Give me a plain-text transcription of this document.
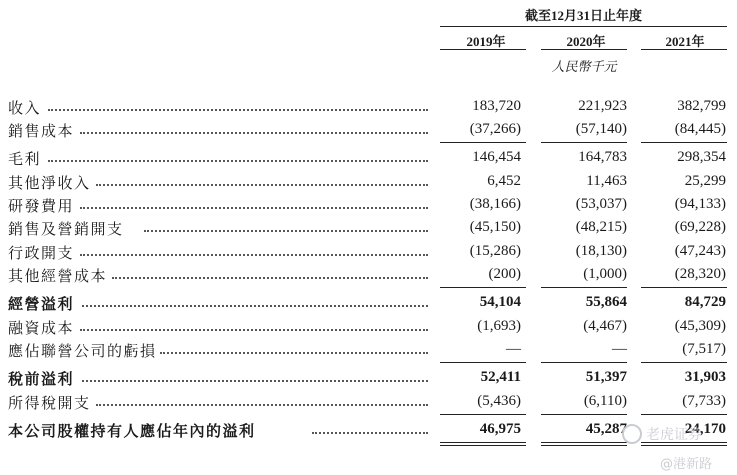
截至12月31日止年度
2019年	2020年	2021年
人民幣千元
收入	183,720	221,923	382,799
銷售成本	(37,266)	(57,140)	(84,445)
毛利	146,454	164,783	298,354
其他淨收入	6,452	11,463	25,299
研發費用	(38,166)	(53,037)	(94,133)
銷售及營銷開支	(45,150)	(48,215)	(69,228)
行政開支	(15,286)	(18,130)	(47,243)
其他經營成本	(200)	(1,000)	(28,320)
經營溢利	54,104	55,864	84,729
融資成本	(1,693)	(4,467)	(45,309)
應佔聯營公司的虧損	—	—	(7,517)
稅前溢利	52,411	51,397	31,903
所得稅開支	(5,436)	(6,110)	(7,733)
本公司股權持有人應佔年內的溢利	46,975	45,287	24,170
老虎证券
@港新路
